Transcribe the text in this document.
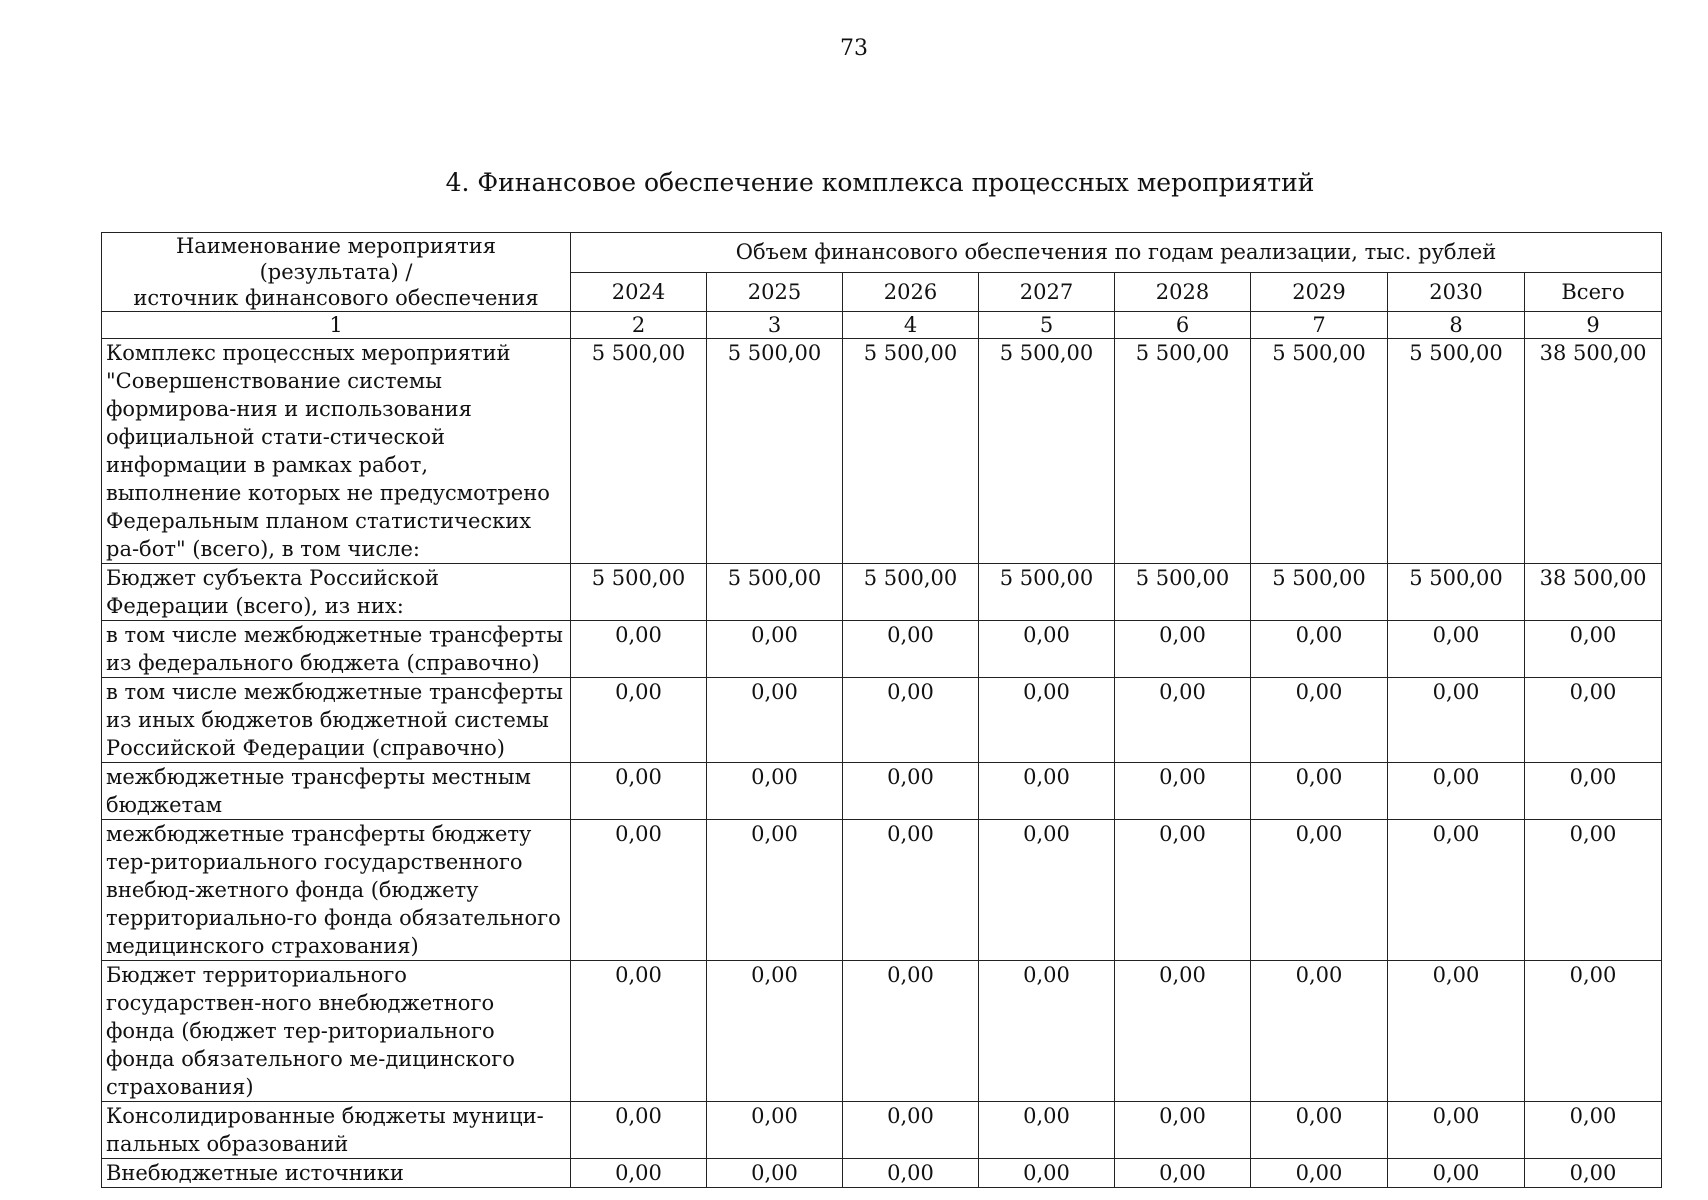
73
4. Финансовое обеспечение комплекса процессных мероприятий
Наименование мероприятия (результата) /
источник финансового обеспечения	Объем финансового обеспечения по годам реализации, тыс. рублей							
	2024	2025	2026	2027	2028	2029	2030	Всего
1	2	3	4	5	6	7	8	9
Комплекс процессных мероприятий "Совершенствование системы формирова-ния и использования официальной стати-стической информации в рамках работ, выполнение которых не предусмотрено Федеральным планом статистических ра-бот" (всего), в том числе:	5 500,00	5 500,00	5 500,00	5 500,00	5 500,00	5 500,00	5 500,00	38 500,00
Бюджет субъекта Российской Федерации (всего), из них:	5 500,00	5 500,00	5 500,00	5 500,00	5 500,00	5 500,00	5 500,00	38 500,00
в том числе межбюджетные трансферты из федерального бюджета (справочно)	0,00	0,00	0,00	0,00	0,00	0,00	0,00	0,00
в том числе межбюджетные трансферты из иных бюджетов бюджетной системы Российской Федерации (справочно)	0,00	0,00	0,00	0,00	0,00	0,00	0,00	0,00
межбюджетные трансферты местным бюджетам	0,00	0,00	0,00	0,00	0,00	0,00	0,00	0,00
межбюджетные трансферты бюджету тер-риториального государственного внебюд-жетного фонда (бюджету территориально-го фонда обязательного медицинского страхования)	0,00	0,00	0,00	0,00	0,00	0,00	0,00	0,00
Бюджет территориального государствен-ного внебюджетного фонда (бюджет тер-риториального фонда обязательного ме-дицинского страхования)	0,00	0,00	0,00	0,00	0,00	0,00	0,00	0,00
Консолидированные бюджеты муници-пальных образований	0,00	0,00	0,00	0,00	0,00	0,00	0,00	0,00
Внебюджетные источники	0,00	0,00	0,00	0,00	0,00	0,00	0,00	0,00
